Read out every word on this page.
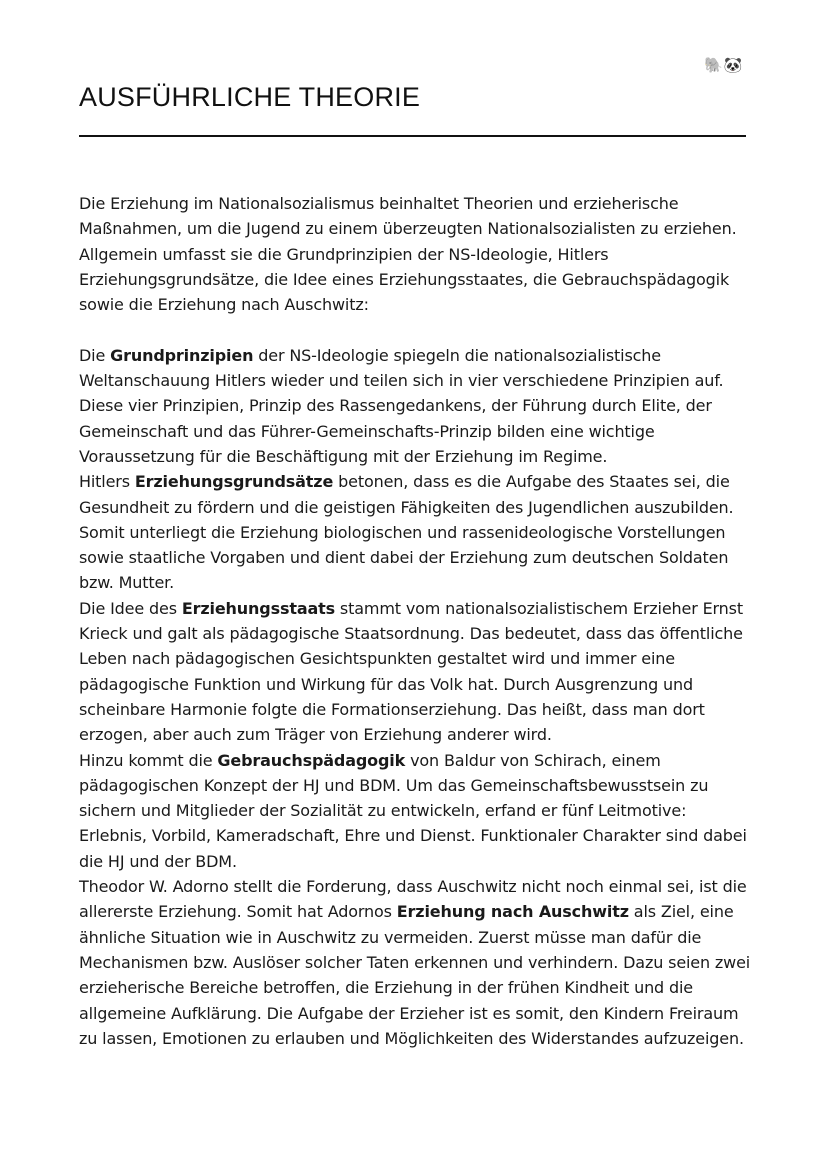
🐘🐼
AUSFÜHRLICHE THEORIE

Die Erziehung im Nationalsozialismus beinhaltet Theorien und erzieherische Maßnahmen, um die Jugend zu einem überzeugten Nationalsozialisten zu erziehen.

Allgemein umfasst sie die Grundprinzipien der NS-Ideologie, Hitlers Erziehungsgrundsätze, die Idee eines Erziehungsstaates, die Gebrauchspädagogik sowie die Erziehung nach Auschwitz:

Die Grundprinzipien der NS-Ideologie spiegeln die nationalsozialistische Weltanschauung Hitlers wieder und teilen sich in vier verschiedene Prinzipien auf. Diese vier Prinzipien, Prinzip des Rassengedankens, der Führung durch Elite, der Gemeinschaft und das Führer-Gemeinschafts-Prinzip bilden eine wichtige Voraussetzung für die Beschäftigung mit der Erziehung im Regime.

Hitlers Erziehungsgrundsätze betonen, dass es die Aufgabe des Staates sei, die Gesundheit zu fördern und die geistigen Fähigkeiten des Jugendlichen auszubilden. Somit unterliegt die Erziehung biologischen und rassenideologische Vorstellungen sowie staatliche Vorgaben und dient dabei der Erziehung zum deutschen Soldaten bzw. Mutter.

Die Idee des Erziehungsstaats stammt vom nationalsozialistischem Erzieher Ernst Krieck und galt als pädagogische Staatsordnung. Das bedeutet, dass das öffentliche Leben nach pädagogischen Gesichtspunkten gestaltet wird und immer eine pädagogische Funktion und Wirkung für das Volk hat. Durch Ausgrenzung und scheinbare Harmonie folgte die Formationserziehung. Das heißt, dass man dort erzogen, aber auch zum Träger von Erziehung anderer wird.

Hinzu kommt die Gebrauchspädagogik von Baldur von Schirach, einem pädagogischen Konzept der HJ und BDM. Um das Gemeinschaftsbewusstsein zu sichern und Mitglieder der Sozialität zu entwickeln, erfand er fünf Leitmotive: Erlebnis, Vorbild, Kameradschaft, Ehre und Dienst. Funktionaler Charakter sind dabei die HJ und der BDM.

Theodor W. Adorno stellt die Forderung, dass Auschwitz nicht noch einmal sei, ist die allererste Erziehung. Somit hat Adornos Erziehung nach Auschwitz als Ziel, eine ähnliche Situation wie in Auschwitz zu vermeiden. Zuerst müsse man dafür die Mechanismen bzw. Auslöser solcher Taten erkennen und verhindern. Dazu seien zwei erzieherische Bereiche betroffen, die Erziehung in der frühen Kindheit und die allgemeine Aufklärung. Die Aufgabe der Erzieher ist es somit, den Kindern Freiraum zu lassen, Emotionen zu erlauben und Möglichkeiten des Widerstandes aufzuzeigen.
